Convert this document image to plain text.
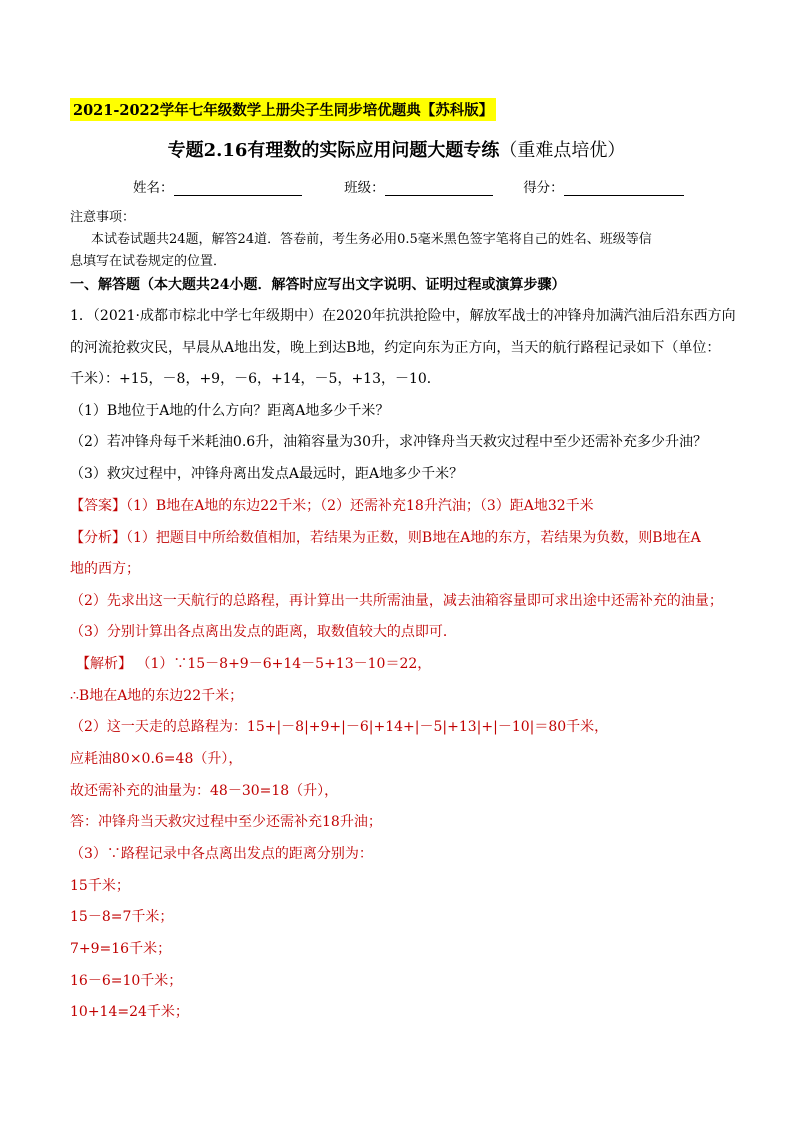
2021-2022学年七年级数学上册尖子生同步培优题典【苏科版】
专题2.16有理数的实际应用问题大题专练（重难点培优）
姓名：	班级：	得分：
注意事项：
本试卷试题共24题，解答24道．答卷前，考生务必用0.5毫米黑色签字笔将自己的姓名、班级等信
息填写在试卷规定的位置．
一、解答题（本大题共24小题．解答时应写出文字说明、证明过程或演算步骤）
1．（2021·成都市棕北中学七年级期中）在2020年抗洪抢险中，解放军战士的冲锋舟加满汽油后沿东西方向
的河流抢救灾民，早晨从A地出发，晚上到达B地，约定向东为正方向，当天的航行路程记录如下（单位：
千米）：+15，－8，+9，－6，+14，－5，+13，－10．
（1）B地位于A地的什么方向？距离A地多少千米？
（2）若冲锋舟每千米耗油0.6升，油箱容量为30升，求冲锋舟当天救灾过程中至少还需补充多少升油？
（3）救灾过程中，冲锋舟离出发点A最远时，距A地多少千米？
【答案】（1）B地在A地的东边22千米；（2）还需补充18升汽油；（3）距A地32千米
【分析】（1）把题目中所给数值相加，若结果为正数，则B地在A地的东方，若结果为负数，则B地在A
地的西方；
（2）先求出这一天航行的总路程，再计算出一共所需油量，减去油箱容量即可求出途中还需补充的油量；
（3）分别计算出各点离出发点的距离，取数值较大的点即可．
【解析】 （1）∵15－8+9－6+14－5+13－10＝22，
∴B地在A地的东边22千米；
（2）这一天走的总路程为：15+|－8|+9+|－6|+14+|－5|+13|+|－10|＝80千米，
应耗油80×0.6=48（升），
故还需补充的油量为：48－30=18（升），
答：冲锋舟当天救灾过程中至少还需补充18升油；
（3）∵路程记录中各点离出发点的距离分别为：
15千米；
15－8=7千米；
7+9=16千米；
16－6=10千米；
10+14=24千米；
